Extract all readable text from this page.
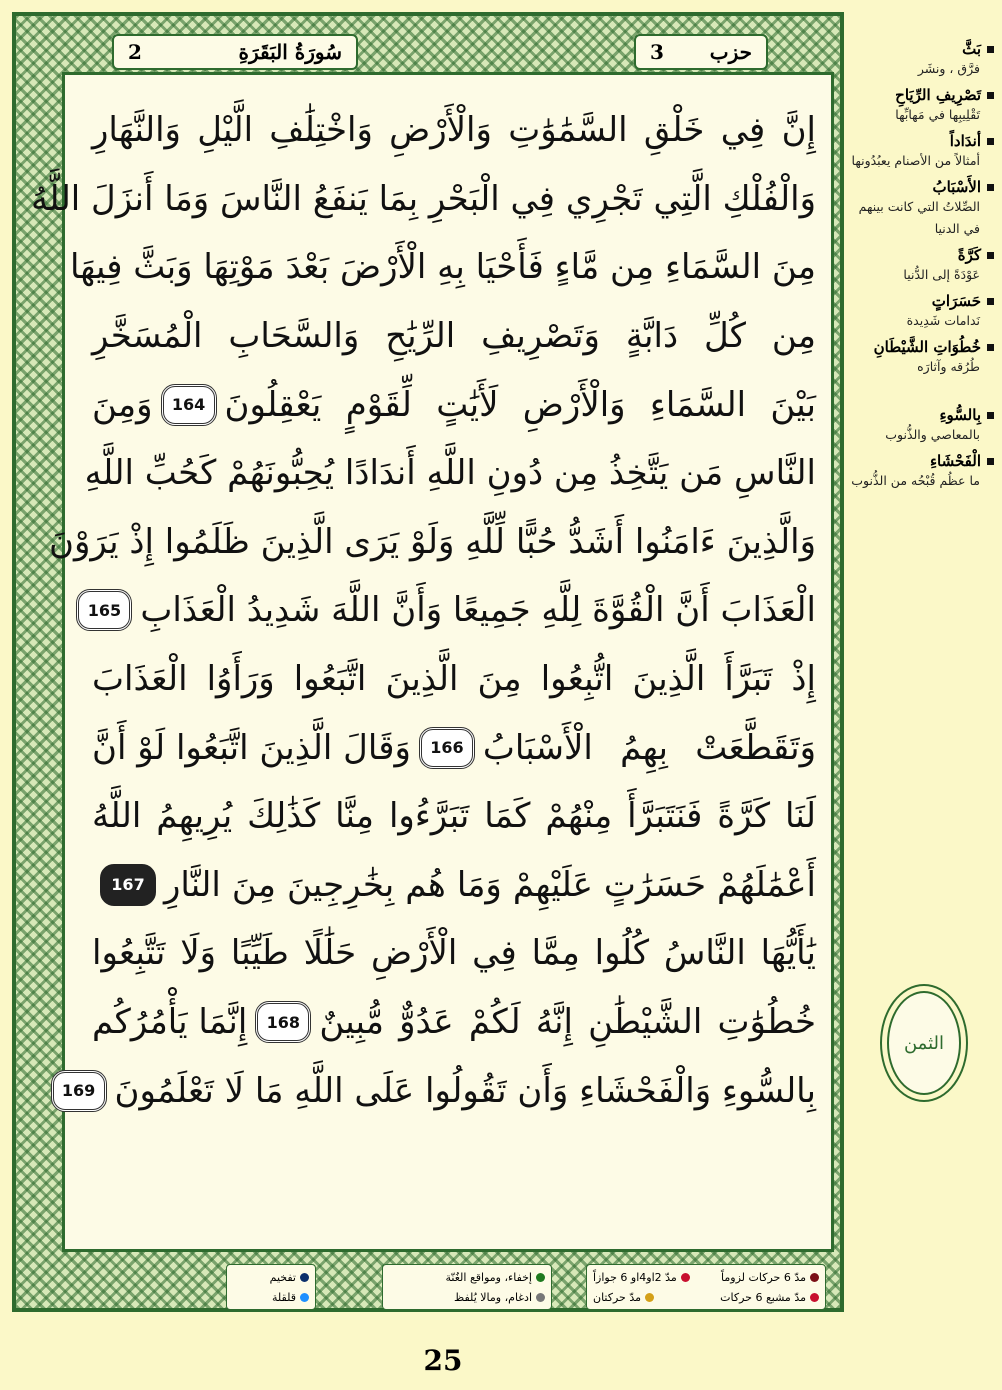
2	سُورَةُ البَقَرَةِ	حزب
3
إِنَّ فِي خَلْقِ السَّمَٰوَٰتِ وَالْأَرْضِ وَاخْتِلَٰفِ الَّيْلِ وَالنَّهَارِ
وَالْفُلْكِ الَّتِي تَجْرِي فِي الْبَحْرِ بِمَا يَنفَعُ النَّاسَ وَمَا أَنزَلَ اللَّهُ
مِنَ السَّمَاءِ مِن مَّاءٍ فَأَحْيَا بِهِ الْأَرْضَ بَعْدَ مَوْتِهَا وَبَثَّ فِيهَا
مِن كُلِّ دَابَّةٍ وَتَصْرِيفِ الرِّيَٰحِ وَالسَّحَابِ الْمُسَخَّرِ
بَيْنَ السَّمَاءِ وَالْأَرْضِ لَأَيَٰتٍ لِّقَوْمٍ يَعْقِلُونَ
164
وَمِنَ
النَّاسِ مَن يَتَّخِذُ مِن دُونِ اللَّهِ أَندَادًا يُحِبُّونَهُمْ كَحُبِّ اللَّهِ
وَالَّذِينَ ءَامَنُوا أَشَدُّ حُبًّا لِّلَّهِ وَلَوْ يَرَى الَّذِينَ ظَلَمُوا إِذْ يَرَوْنَ
الْعَذَابَ أَنَّ الْقُوَّةَ لِلَّهِ جَمِيعًا وَأَنَّ اللَّهَ شَدِيدُ الْعَذَابِ
165
إِذْ تَبَرَّأَ الَّذِينَ اتُّبِعُوا مِنَ الَّذِينَ اتَّبَعُوا وَرَأَوُا الْعَذَابَ
وَتَقَطَّعَتْ بِهِمُ الْأَسْبَابُ
166
وَقَالَ الَّذِينَ اتَّبَعُوا لَوْ أَنَّ
لَنَا كَرَّةً فَنَتَبَرَّأَ مِنْهُمْ كَمَا تَبَرَّءُوا مِنَّا كَذَٰلِكَ يُرِيهِمُ اللَّهُ
أَعْمَٰلَهُمْ حَسَرَٰتٍ عَلَيْهِمْ وَمَا هُم بِخَٰرِجِينَ مِنَ النَّارِ
167
يَٰأَيُّهَا النَّاسُ كُلُوا مِمَّا فِي الْأَرْضِ حَلَٰلًا طَيِّبًا وَلَا تَتَّبِعُوا
خُطُوَٰتِ الشَّيْطَٰنِ إِنَّهُ لَكُمْ عَدُوٌّ مُّبِينٌ
168
إِنَّمَا يَأْمُرُكُم
بِالسُّوءِ وَالْفَحْشَاءِ وَأَن تَقُولُوا عَلَى اللَّهِ مَا لَا تَعْلَمُونَ
169
بَثَّ
فرَّق ، ونشَر
تَصْرِيفِ الرِّيَاحِ
تَقْلِيبِها في مَهابِّها
أندَاداً
أمثالاً من الأصنام يعبُدُونها
الأَسْبَابُ
الصِّلاتُ التي كانت بينهم في الدنيا
كَرَّةً
عَوْدَةً إلى الدُّنيا
حَسَرَاتٍ
نَدامات شَدِيدة
خُطُوَاتِ الشَّيْطَانِ
طُرُقه وآثارَه
بِالسُّوءِ
بالمعاصي والذُّنوب
الْفَحْشَاءِ
ما عظُم قُبْحُه من الذُّنوب
الثمن
مدّ 6 حركات لزوماً
مدّ 2او4او 6 جوازاً
مدّ مشبع 6 حركات
مدّ حركتان
إخفاء، ومواقع الغُنّة
ادغام، ومالا يُلفظ
تفخيم
قلقلة
25
